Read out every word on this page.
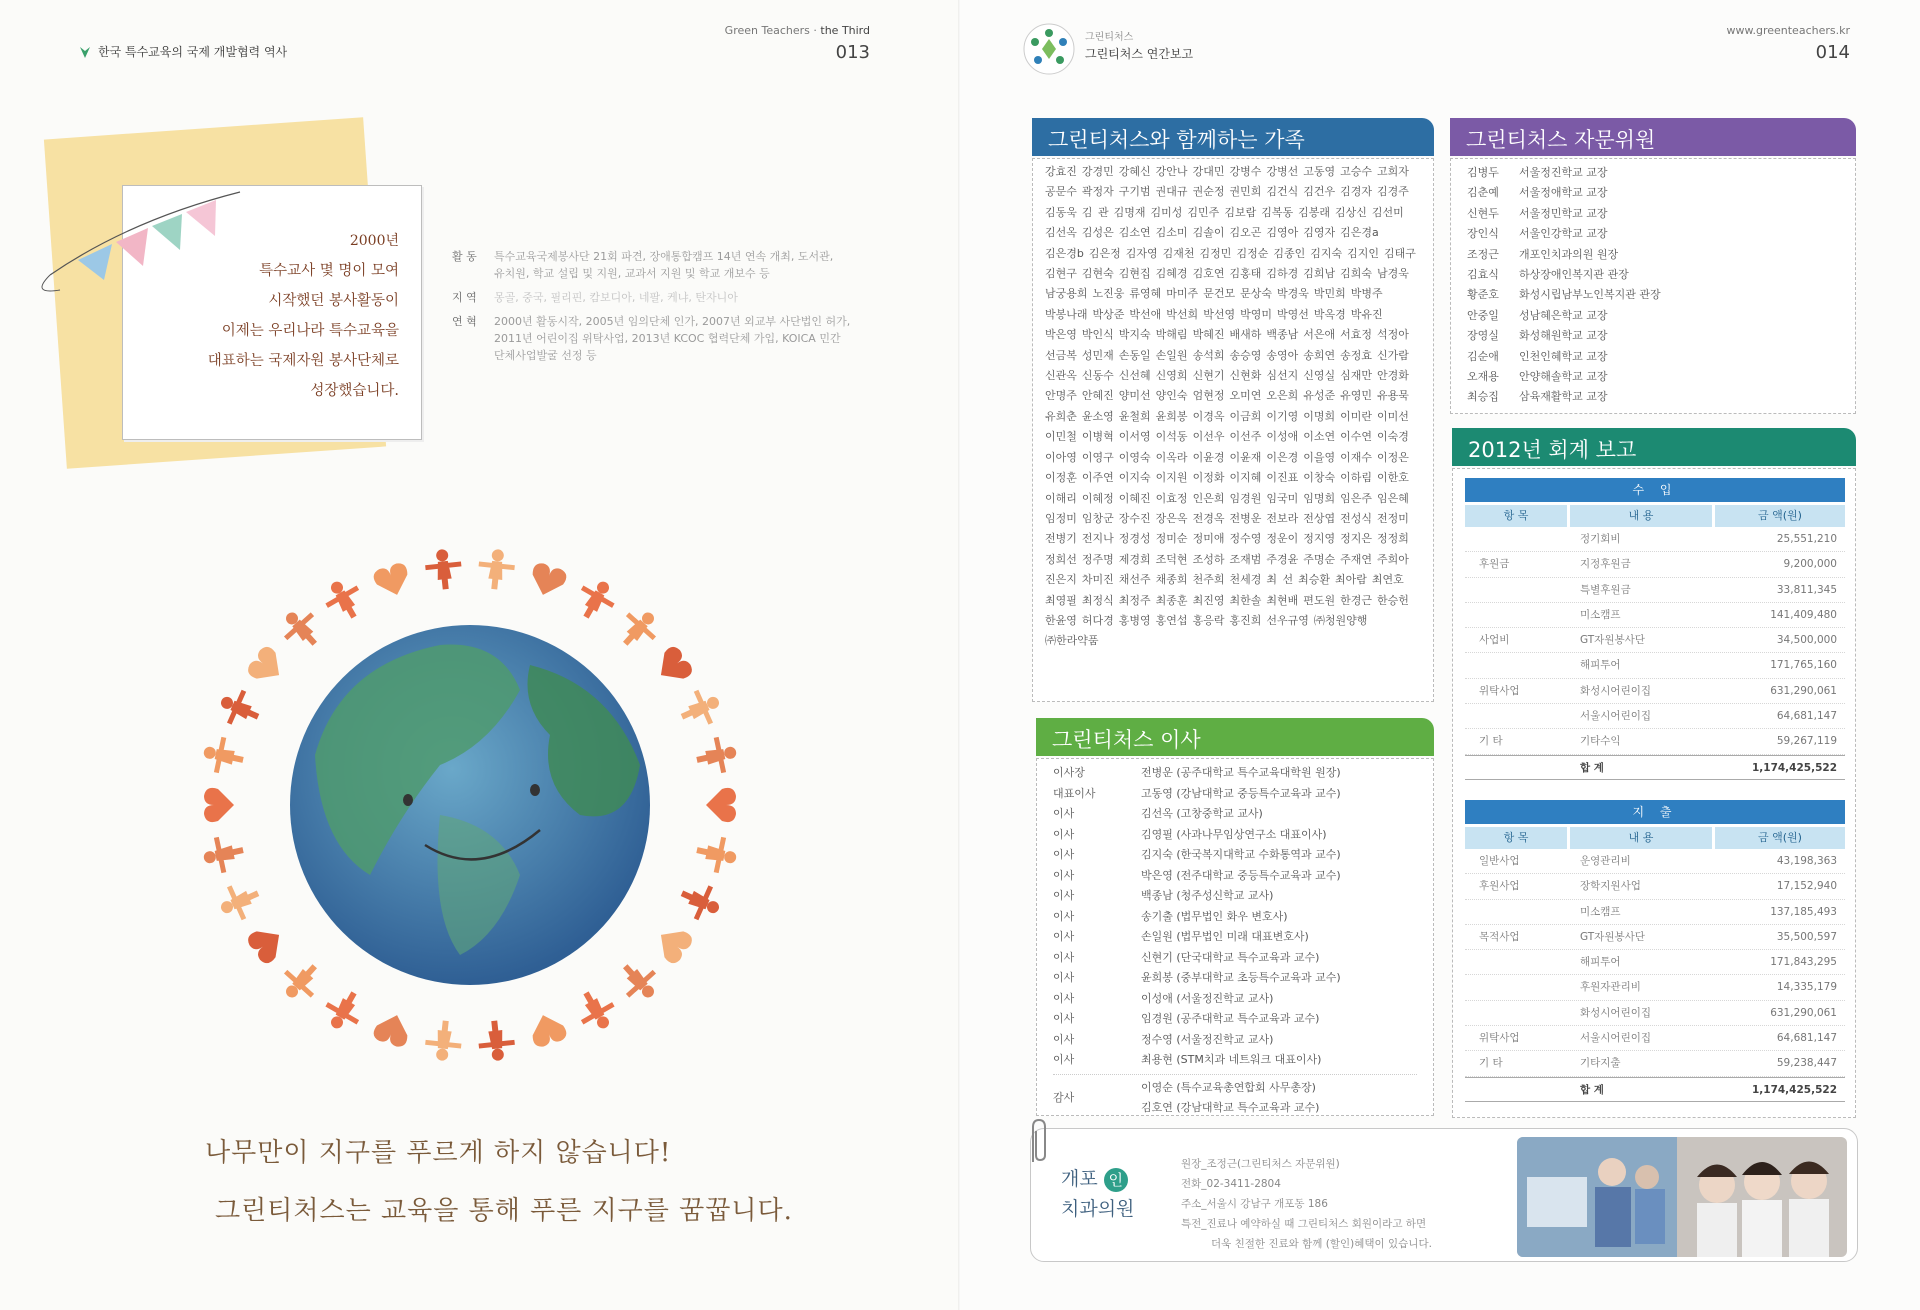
한국 특수교육의 국제 개발협력 역사
Green Teachers · the Third
013
2000년
특수교사 몇 명이 모여
시작했던 봉사활동이
이제는 우리나라 특수교육을
대표하는 국제자원 봉사단체로
성장했습니다.
활 동	특수교육국제봉사단 21회 파견, 장애통합캠프 14년 연속 개최, 도서관,
유치원, 학교 설립 및 지원, 교과서 지원 및 학교 개보수 등
지 역	몽골, 중국, 필리핀, 캄보디아, 네팔, 케냐, 탄자니아
연 혁	2000년 활동시작, 2005년 임의단체 인가, 2007년 외교부 사단법인 허가,
2011년 어린이집 위탁사업, 2013년 KCOC 협력단체 가입, KOICA 민간
단체사업발굴 선정 등
나무만이 지구를 푸르게 하지 않습니다!
그린티처스는 교육을 통해 푸른 지구를 꿈꿉니다.
그린티처스
그린티처스 연간보고
www.greenteachers.kr
014
그린티처스와 함께하는 가족
강효진 강경민 강혜신 강안나 강대민 강병수 강병선 고동영 고승수 고희자공문수 곽정자 구기범 권대규 권순정 권민희 김건식 김건우 김경자 김경주김동욱 김 관 김명재 김미성 김민주 김보람 김복동 김봉래 김상신 김선미김선옥 김성은 김소연 김소미 김솔이 김오곤 김영아 김영자 김은경a김은경b 김은정 김자영 김재천 김정민 김정순 김종인 김지숙 김지인 김태구김현구 김현숙 김현집 김혜경 김호연 김홍태 김하경 김희남 김희숙 남경욱남궁용희 노진웅 류영혜 마미주 문건모 문상숙 박경욱 박민희 박병주박봉나래 박상준 박선애 박선희 박선영 박영미 박영선 박옥경 박유진박은영 박인식 박지숙 박해림 박혜진 배새하 백종남 서은애 서효정 석정아선금복 성민재 손동일 손일원 송석희 송승영 송영아 송희연 송정효 신가람신관옥 신동수 신선혜 신영희 신현기 신현화 심선지 신영실 심재만 안경화안명주 안혜진 양미선 양인숙 엄현정 오미연 오은희 유성준 유영민 유용묵유희춘 윤소영 윤철희 윤희봉 이경옥 이금희 이기영 이명희 이미란 이미선이민철 이병혁 이서영 이석동 이선우 이선주 이성애 이소연 이수연 이숙경이아영 이영구 이영숙 이옥라 이윤경 이윤재 이은경 이을영 이재수 이정은이정훈 이주연 이지숙 이지원 이정화 이지혜 이진표 이창숙 이하림 이한호이해리 이혜정 이혜진 이효정 인은희 임경원 임국미 임명희 임은주 임은혜임정미 임창군 장수진 장은옥 전경옥 전병운 전보라 전상엽 전성식 전정미전병기 전지나 정경성 정미순 정미애 정수영 정운이 정지영 정지은 정정희정희선 정주명 제경희 조덕현 조성하 조재범 주경윤 주명순 주재연 주희아진은지 차미진 채선주 채종희 천주희 천세경 최 선 최승환 최아람 최연호최영필 최정식 최정주 최종훈 최진영 최한솔 최현배 편도원 한경근 한승헌한윤영 허다경 홍병영 홍연섭 홍응락 홍진희 선우규영 ㈜청원양행㈜한라약품
그린티처스 이사
이사장	전병운 (공주대학교 특수교육대학원 원장)
대표이사	고동영 (강남대학교 중등특수교육과 교수)
이사	김선옥 (고창중학교 교사)
이사	김영필 (사과나무임상연구소 대표이사)
이사	김지숙 (한국복지대학교 수화통역과 교수)
이사	박은영 (전주대학교 중등특수교육과 교수)
이사	백종남 (청주성신학교 교사)
이사	송기출 (법무법인 화우 변호사)
이사	손일원 (법무법인 미래 대표변호사)
이사	신현기 (단국대학교 특수교육과 교수)
이사	윤희봉 (중부대학교 초등특수교육과 교수)
이사	이성애 (서울정진학교 교사)
이사	임경원 (공주대학교 특수교육과 교수)
이사	정수영 (서울정진학교 교사)
이사	최용현 (STM치과 네트워크 대표이사)
감사
이영순 (특수교육총연합회 사무총장)
김호연 (강남대학교 특수교육과 교수)
그린티처스 자문위원
김병두	서울정진학교 교장
김춘예	서울정애학교 교장
신현두	서울정민학교 교장
장인식	서울인강학교 교장
조정근	개포인치과의원 원장
김효식	하상장애인복지관 관장
황준호	화성시립남부노인복지관 관장
안중일	성남혜은학교 교장
장영실	화성해원학교 교장
김순애	인천인혜학교 교장
오재용	안양해솔학교 교장
최승집	삼육재활학교 교장
2012년 회계 보고
수 입
항 목	내 용	금 액(원)
정기회비	25,551,210
후원금	지정후원금	9,200,000
특별후원금	33,811,345
미소캠프	141,409,480
사업비	GT자원봉사단	34,500,000
해피투어	171,765,160
위탁사업	화성시어린이집	631,290,061
서울시어린이집	64,681,147
기 타	기타수익	59,267,119
합 계	1,174,425,522
지 출
항 목	내 용	금 액(원)
일반사업	운영관리비	43,198,363
후원사업	장학지원사업	17,152,940
미소캠프	137,185,493
목적사업	GT자원봉사단	35,500,597
해피투어	171,843,295
후원자관리비	14,335,179
화성시어린이집	631,290,061
위탁사업	서울시어린이집	64,681,147
기 타	기타지출	59,238,447
합 계	1,174,425,522
개포 인
치과의원
원장_조정근(그린티처스 자문위원)
전화_02-3411-2804
주소_서울시 강남구 개포동 186
특전_진료나 예약하실 때 그린티처스 회원이라고 하면
더욱 친절한 진료와 함께 (할인)혜택이 있습니다.
